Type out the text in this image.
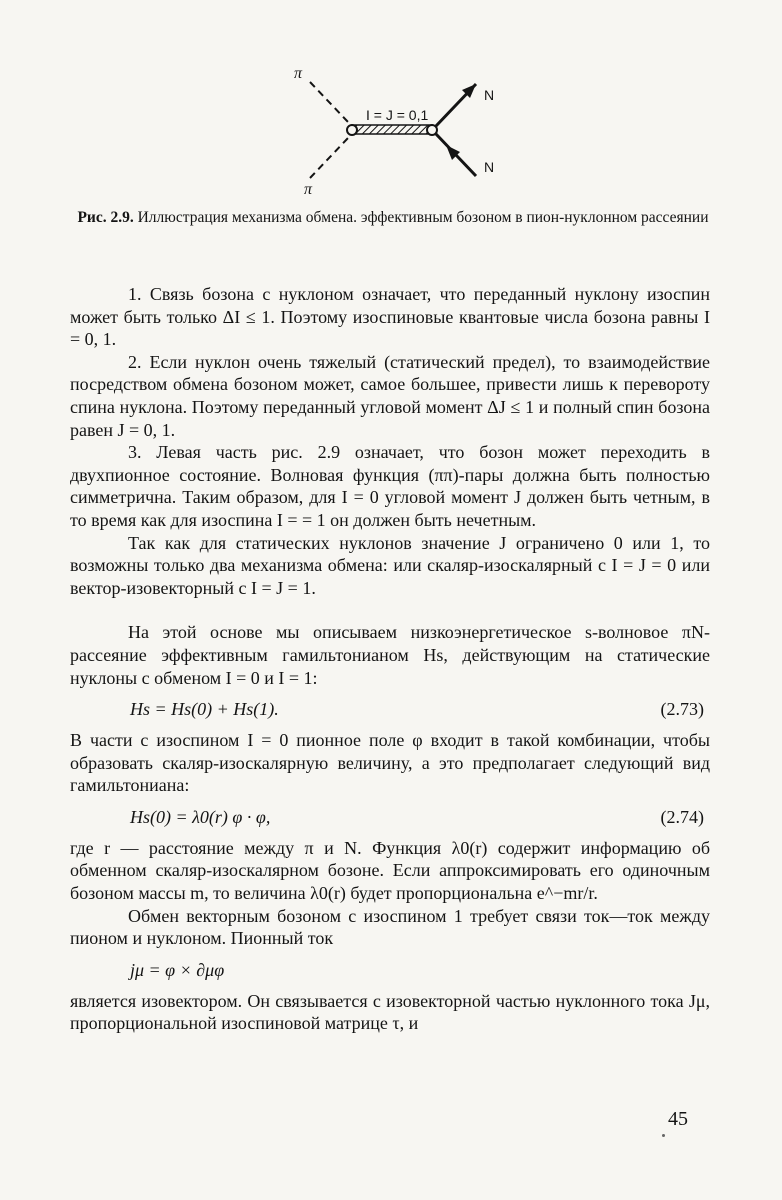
π
π
N
N
I = J = 0,1
Рис. 2.9. Иллюстрация механизма обмена. эффективным бозоном в пион-нуклонном рассеянии

1. Связь бозона с нуклоном означает, что переданный нуклону изоспин может быть только ΔI ≤ 1. Поэтому изоспиновые квантовые числа бозона равны I = 0, 1.

2. Если нуклон очень тяжелый (статический предел), то взаимодействие посредством обмена бозоном может, самое большее, привести лишь к перевороту спина нуклона. Поэтому переданный угловой момент ΔJ ≤ 1 и полный спин бозона равен J = 0, 1.

3. Левая часть рис. 2.9 означает, что бозон может переходить в двухпионное состояние. Волновая функция (ππ)-пары должна быть полностью симметрична. Таким образом, для I = 0 угловой момент J должен быть четным, в то время как для изоспина I = = 1 он должен быть нечетным.

Так как для статических нуклонов значение J ограничено 0 или 1, то возможны только два механизма обмена: или скаляр-изоскалярный с I = J = 0 или вектор-изовекторный с I = J = 1.

На этой основе мы описываем низкоэнергетическое s-волновое πN-рассеяние эффективным гамильтонианом Hs, действующим на статические нуклоны с обменом I = 0 и I = 1:

Hs = Hs(0) + Hs(1).	(2.73)

В части с изоспином I = 0 пионное поле φ входит в такой комбинации, чтобы образовать скаляр-изоскалярную величину, а это предполагает следующий вид гамильтониана:

Hs(0) = λ0(r) φ · φ,	(2.74)

где r — расстояние между π и N. Функция λ0(r) содержит информацию об обменном скаляр-изоскалярном бозоне. Если аппроксимировать его одиночным бозоном массы m, то величина λ0(r) будет пропорциональна e^−mr/r.

Обмен векторным бозоном с изоспином 1 требует связи ток—ток между пионом и нуклоном. Пионный ток

jμ = φ × ∂μφ

является изовектором. Он связывается с изовекторной частью нуклонного тока Jμ, пропорциональной изоспиновой матрице τ, и

45
